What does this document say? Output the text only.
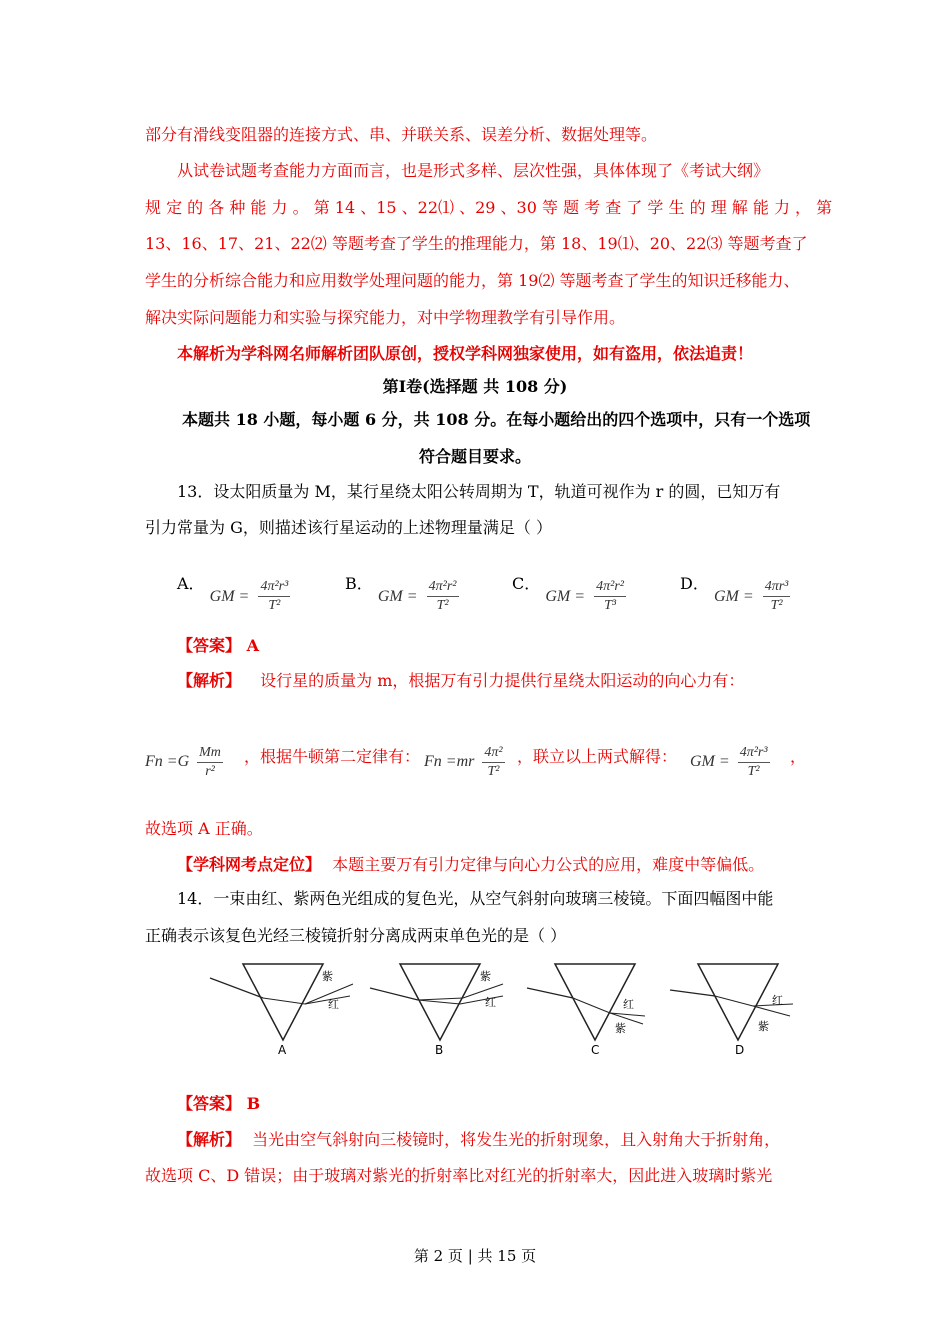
部分有滑线变阻器的连接方式、串、并联关系、误差分析、数据处理等。
从试卷试题考查能力方面而言，也是形式多样、层次性强，具体体现了《考试大纲》
规 定 的 各 种 能 力 。 第 14 、15 、22⑴ 、29 、30 等 题 考 查 了 学 生 的 理 解 能 力 ， 第
13、16、17、21、22⑵ 等题考查了学生的推理能力，第 18、19⑴、20、22⑶ 等题考查了
学生的分析综合能力和应用数学处理问题的能力，第 19⑵ 等题考查了学生的知识迁移能力、
解决实际问题能力和实验与探究能力，对中学物理教学有引导作用。
本解析为学科网名师解析团队原创，授权学科网独家使用，如有盗用，依法追责！
第Ⅰ卷(选择题 共 108 分)
本题共 18 小题，每小题 6 分，共 108 分。在每小题给出的四个选项中，只有一个选项
符合题目要求。
13．设太阳质量为 M，某行星绕太阳公转周期为 T，轨道可视作为 r 的圆，已知万有
引力常量为 G，则描述该行星运动的上述物理量满足（ ）
A． GM = $\frac{\text{4π²r³}}{\text{T²}}$	B． GM = $\frac{\text{4π²r²}}{\text{T²}}$	C． GM = $\frac{\text{4π²r²}}{\text{T³}}$	D． GM = $\frac{\text{4πr³}}{\text{T²}}$
【答案】 A
【解析】 设行星的质量为 m，根据万有引力提供行星绕太阳运动的向心力有：
$Fn =G \frac{Mm}{\text{r²}}$ ，根据牛顿第二定律有： $Fn =mr \frac{\text{4π²}}{\text{T²}}$ ，联立以上两式解得： GM = $\frac{\text{4π²r³}}{\text{T²}}$ ，
故选项 A 正确。
【学科网考点定位】 本题主要万有引力定律与向心力公式的应用，难度中等偏低。
14．一束由红、紫两色光组成的复色光，从空气斜射向玻璃三棱镜。下面四幅图中能
正确表示该复色光经三棱镜折射分离成两束单色光的是（ ）
紫
红
A
紫
红
B
红
紫
C
红
紫
D
【答案】 B
【解析】 当光由空气斜射向三棱镜时，将发生光的折射现象，且入射角大于折射角，
故选项 C、D 错误；由于玻璃对紫光的折射率比对红光的折射率大，因此进入玻璃时紫光
第 2 页 | 共 15 页
